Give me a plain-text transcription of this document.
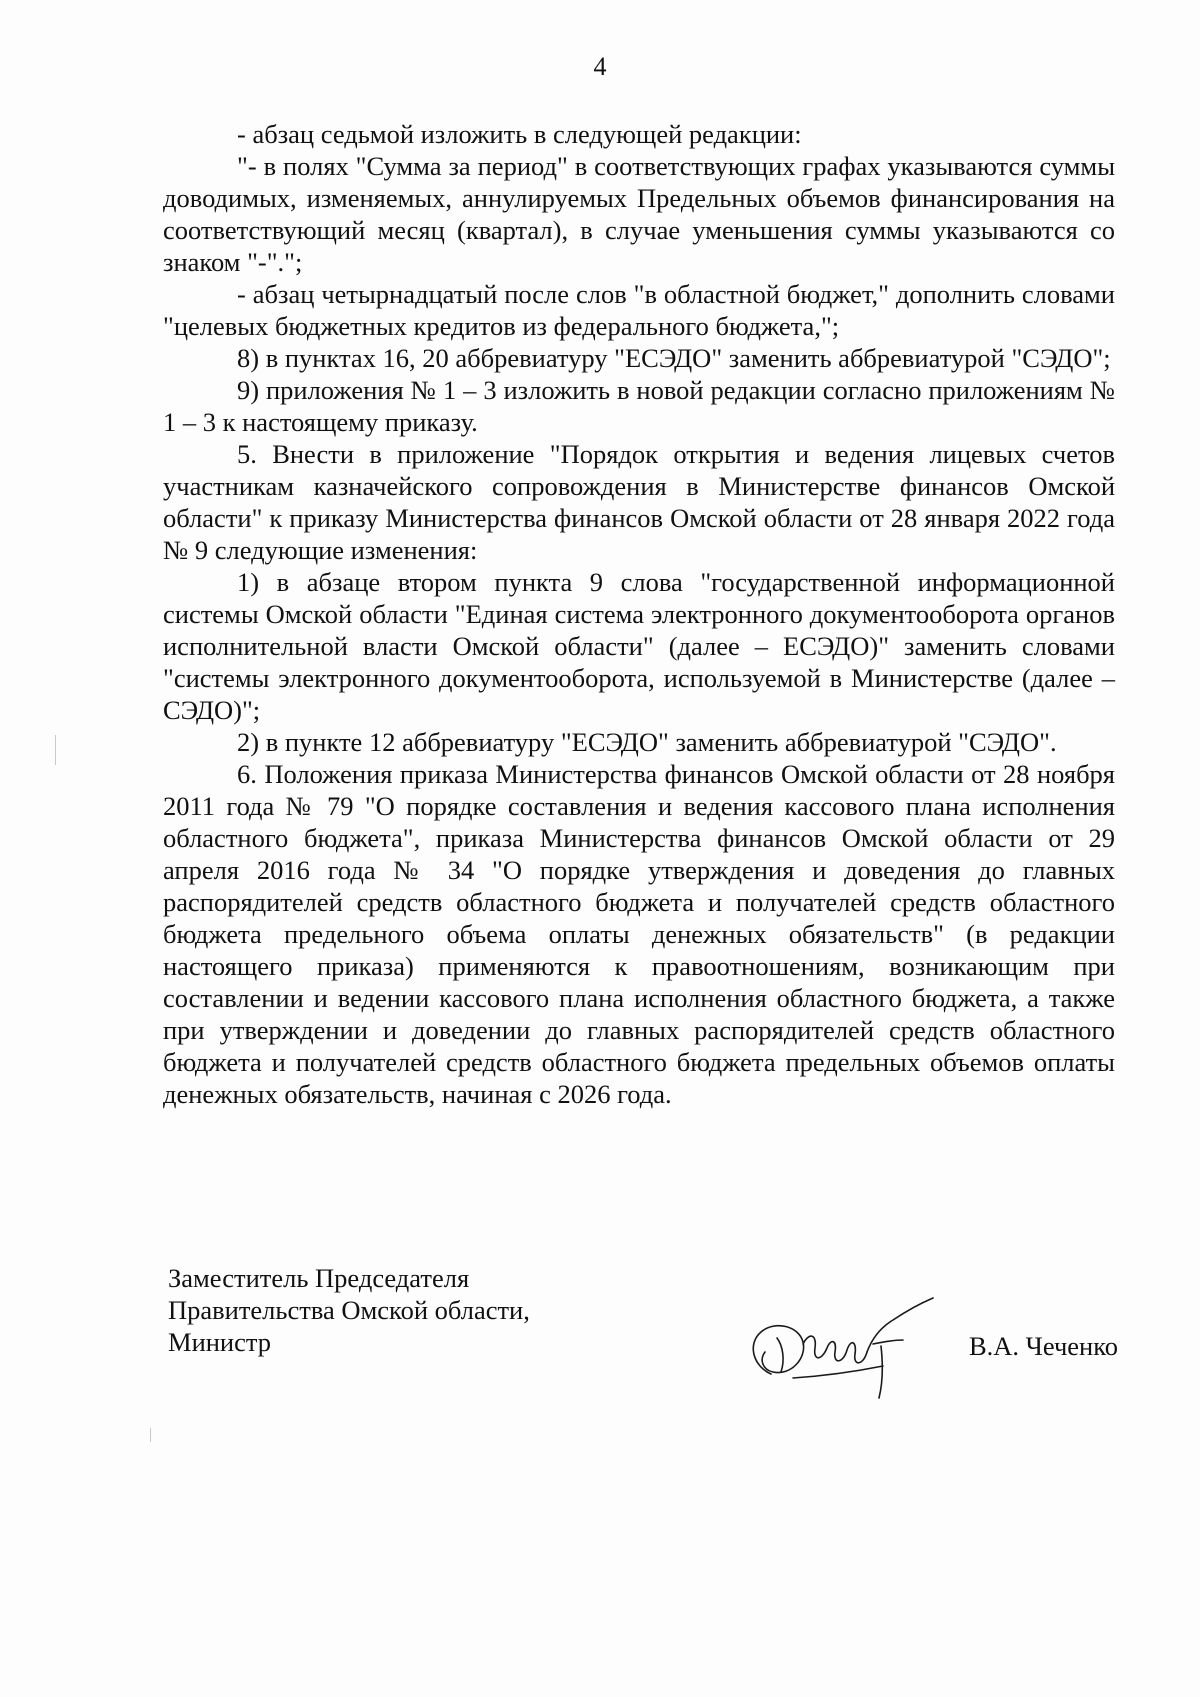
4

- абзац седьмой изложить в следующей редакции:

"- в полях "Сумма за период" в соответствующих графах указываются суммы доводимых, изменяемых, аннулируемых Предельных объемов финансирования на соответствующий месяц (квартал), в случае уменьшения суммы указываются со знаком "-".";

- абзац четырнадцатый после слов "в областной бюджет," дополнить словами "целевых бюджетных кредитов из федерального бюджета,";

8) в пунктах 16, 20 аббревиатуру "ЕСЭДО" заменить аббревиатурой "СЭДО";

9) приложения № 1 – 3 изложить в новой редакции согласно приложениям № 1 – 3 к настоящему приказу.

5. Внести в приложение "Порядок открытия и ведения лицевых счетов участникам казначейского сопровождения в Министерстве финансов Омской области" к приказу Министерства финансов Омской области от 28 января 2022 года № 9 следующие изменения:

1) в абзаце втором пункта 9 слова "государственной информационной системы Омской области "Единая система электронного документооборота органов исполнительной власти Омской области" (далее – ЕСЭДО)" заменить словами "системы электронного документооборота, используемой в Министерстве (далее – СЭДО)";

2) в пункте 12 аббревиатуру "ЕСЭДО" заменить аббревиатурой "СЭДО".

6. Положения приказа Министерства финансов Омской области от 28 ноября 2011 года № 79 "О порядке составления и ведения кассового плана исполнения областного бюджета", приказа Министерства финансов Омской области от 29 апреля 2016 года № 34 "О порядке утверждения и доведения до главных распорядителей средств областного бюджета и получателей средств областного бюджета предельного объема оплаты денежных обязательств" (в редакции настоящего приказа) применяются к правоотношениям, возникающим при составлении и ведении кассового плана исполнения областного бюджета, а также при утверждении и доведении до главных распорядителей средств областного бюджета и получателей средств областного бюджета предельных объемов оплаты денежных обязательств, начиная с 2026 года.

Заместитель Председателя
Правительства Омской области,
Министр	В.А. Чеченко
